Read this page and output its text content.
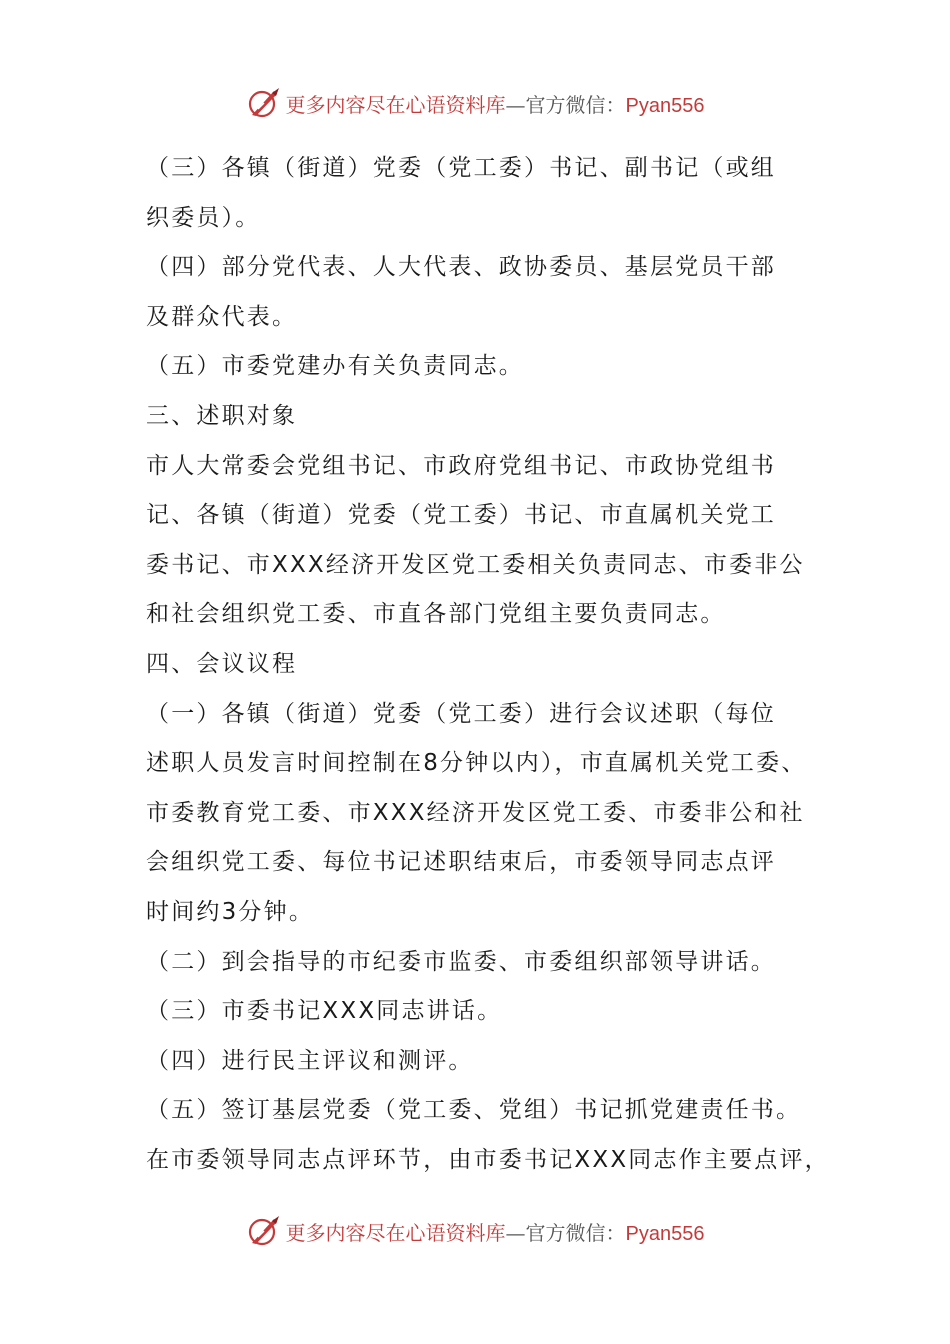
更多内容尽在心语资料库—官方微信：Pyan556
（三）各镇（街道）党委（党工委）书记、副书记（或组
织委员）。
（四）部分党代表、人大代表、政协委员、基层党员干部
及群众代表。
（五）市委党建办有关负责同志。
三、述职对象
市人大常委会党组书记、市政府党组书记、市政协党组书
记、各镇（街道）党委（党工委）书记、市直属机关党工
委书记、市XXX经济开发区党工委相关负责同志、市委非公
和社会组织党工委、市直各部门党组主要负责同志。
四、会议议程
（一）各镇（街道）党委（党工委）进行会议述职（每位
述职人员发言时间控制在8分钟以内），市直属机关党工委、
市委教育党工委、市XXX经济开发区党工委、市委非公和社
会组织党工委、每位书记述职结束后，市委领导同志点评
时间约3分钟。
（二）到会指导的市纪委市监委、市委组织部领导讲话。
（三）市委书记XXX同志讲话。
（四）进行民主评议和测评。
（五）签订基层党委（党工委、党组）书记抓党建责任书。
在市委领导同志点评环节，由市委书记XXX同志作主要点评，
更多内容尽在心语资料库—官方微信：Pyan556
